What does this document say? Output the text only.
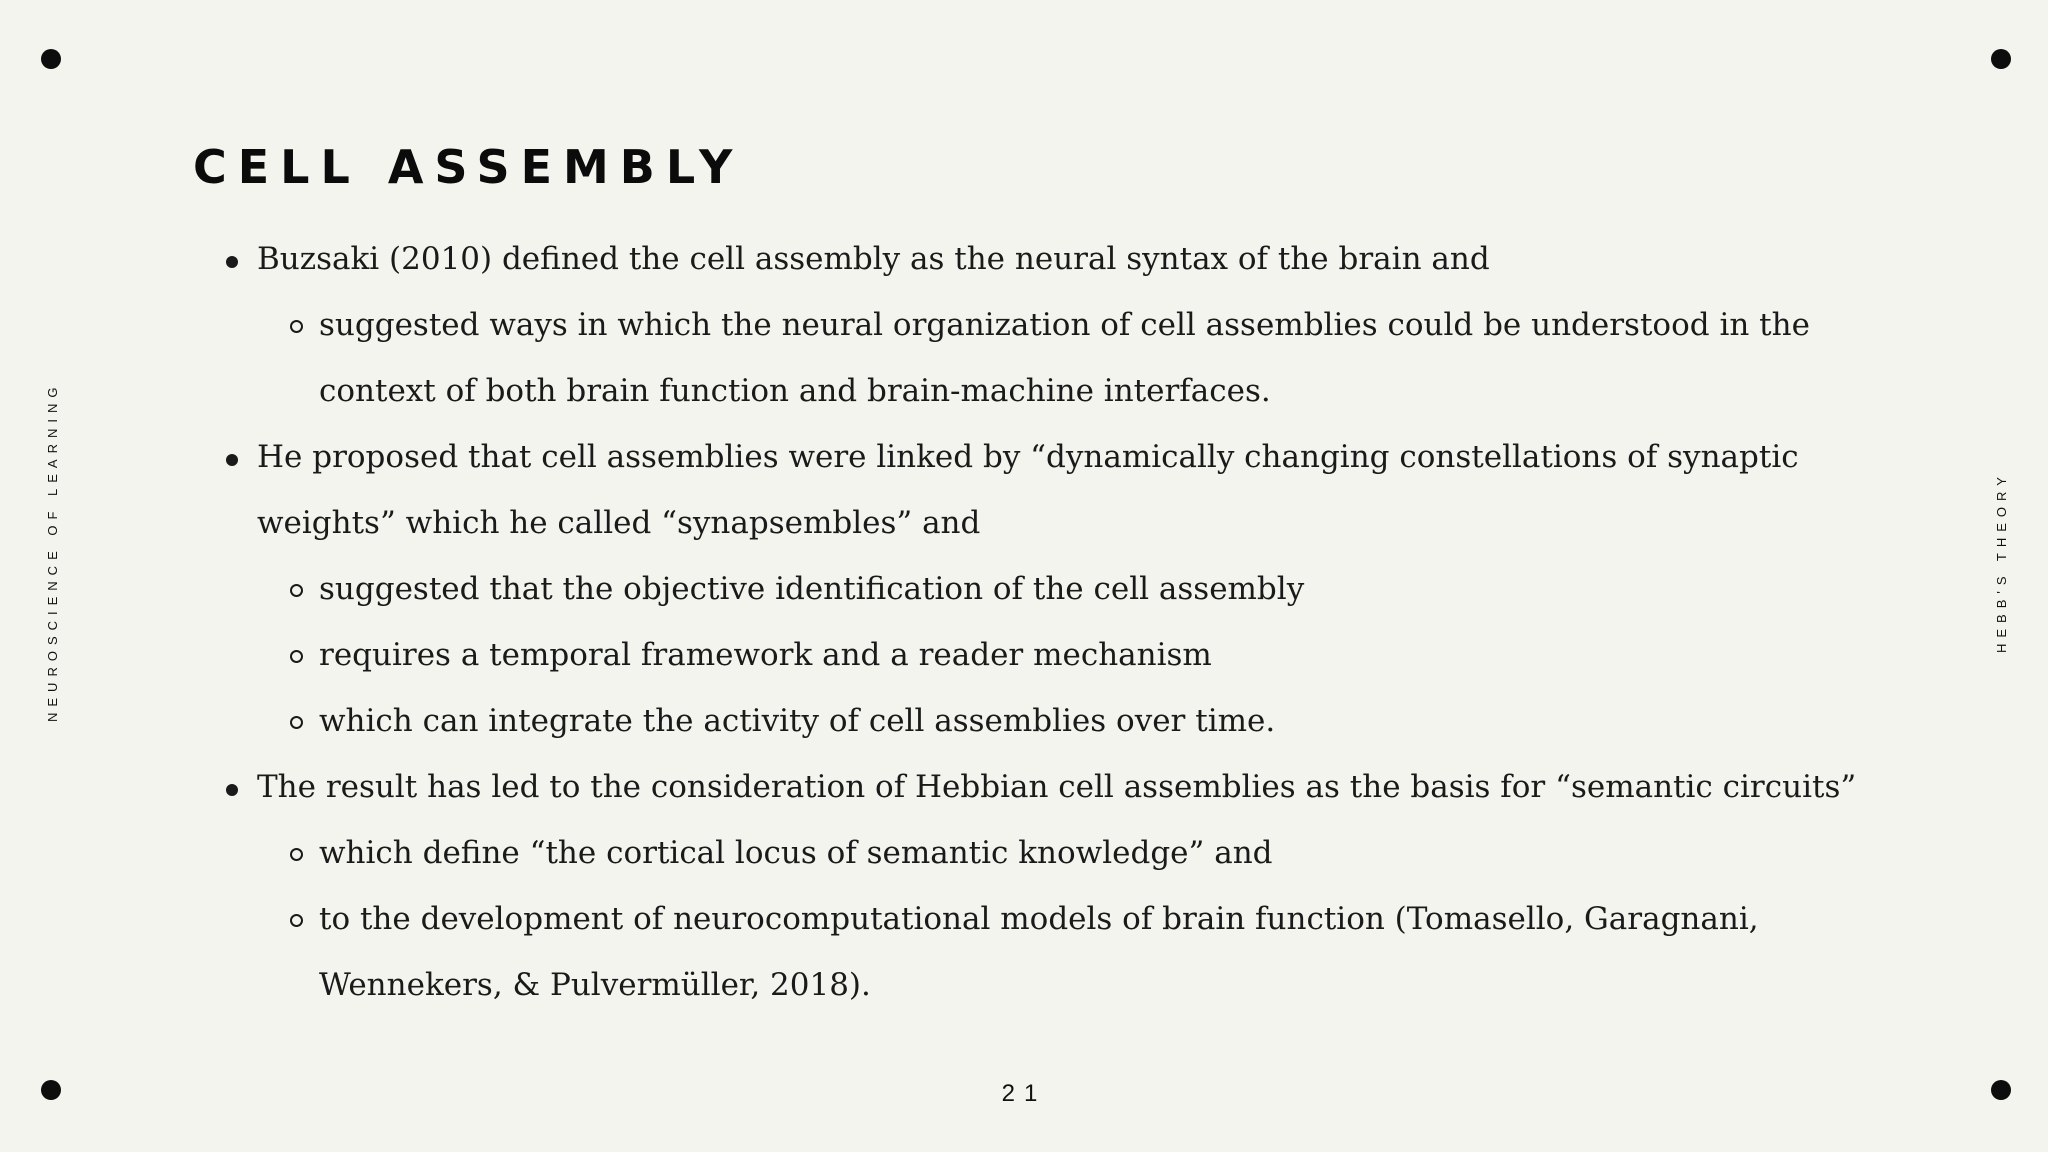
NEUROSCIENCE OF LEARNING	HEBB'S THEORY
CELL ASSEMBLY
Buzsaki (2010) defined the cell assembly as the neural syntax of the brain and
suggested ways in which the neural organization of cell assemblies could be understood in the context of both brain function and brain-machine interfaces.
He proposed that cell assemblies were linked by “dynamically changing constellations of synaptic weights” which he called “synapsembles” and
suggested that the objective identification of the cell assembly
requires a temporal framework and a reader mechanism
which can integrate the activity of cell assemblies over time.
The result has led to the consideration of Hebbian cell assemblies as the basis for “semantic circuits”
which define “the cortical locus of semantic knowledge” and
to the development of neurocomputational models of brain function (Tomasello, Garagnani, Wennekers, & Pulvermüller, 2018).
21
